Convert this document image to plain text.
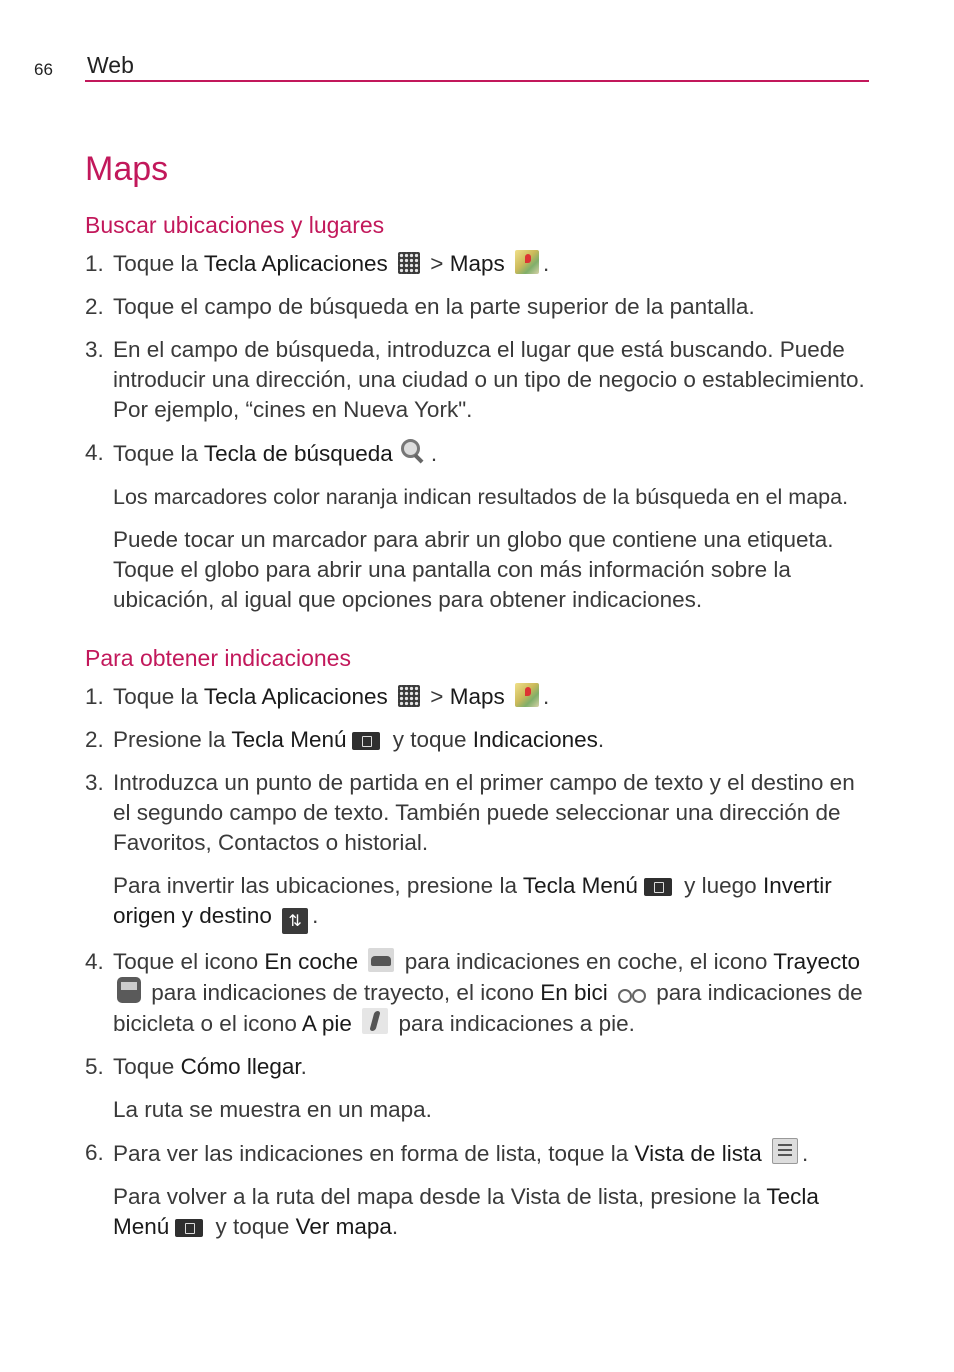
66 Web
Maps
Buscar ubicaciones y lugares
1. Toque la Tecla Aplicaciones  > Maps .
2. Toque el campo de búsqueda en la parte superior de la pantalla.
3. En el campo de búsqueda, introduzca el lugar que está buscando. Puede introducir una dirección, una ciudad o un tipo de negocio o establecimiento. Por ejemplo, “cines en Nueva York".
4. Toque la Tecla de búsqueda .
Los marcadores color naranja indican resultados de la búsqueda en el mapa.
Puede tocar un marcador para abrir un globo que contiene una etiqueta. Toque el globo para abrir una pantalla con más información sobre la ubicación, al igual que opciones para obtener indicaciones.
Para obtener indicaciones
1. Toque la Tecla Aplicaciones  > Maps .
2. Presione la Tecla Menú y toque Indicaciones.
3. Introduzca un punto de partida en el primer campo de texto y el destino en el segundo campo de texto. También puede seleccionar una dirección de Favoritos, Contactos o historial.
Para invertir las ubicaciones, presione la Tecla Menú y luego Invertir origen y destino ⇅ .
4. Toque el icono En coche  para indicaciones en coche, el icono Trayecto  para indicaciones de trayecto, el icono En bici  para indicaciones de bicicleta o el icono A pie  para indicaciones a pie.
5. Toque Cómo llegar.
La ruta se muestra en un mapa.
6. Para ver las indicaciones en forma de lista, toque la Vista de lista .
Para volver a la ruta del mapa desde la Vista de lista, presione la Tecla Menú y toque Ver mapa.
